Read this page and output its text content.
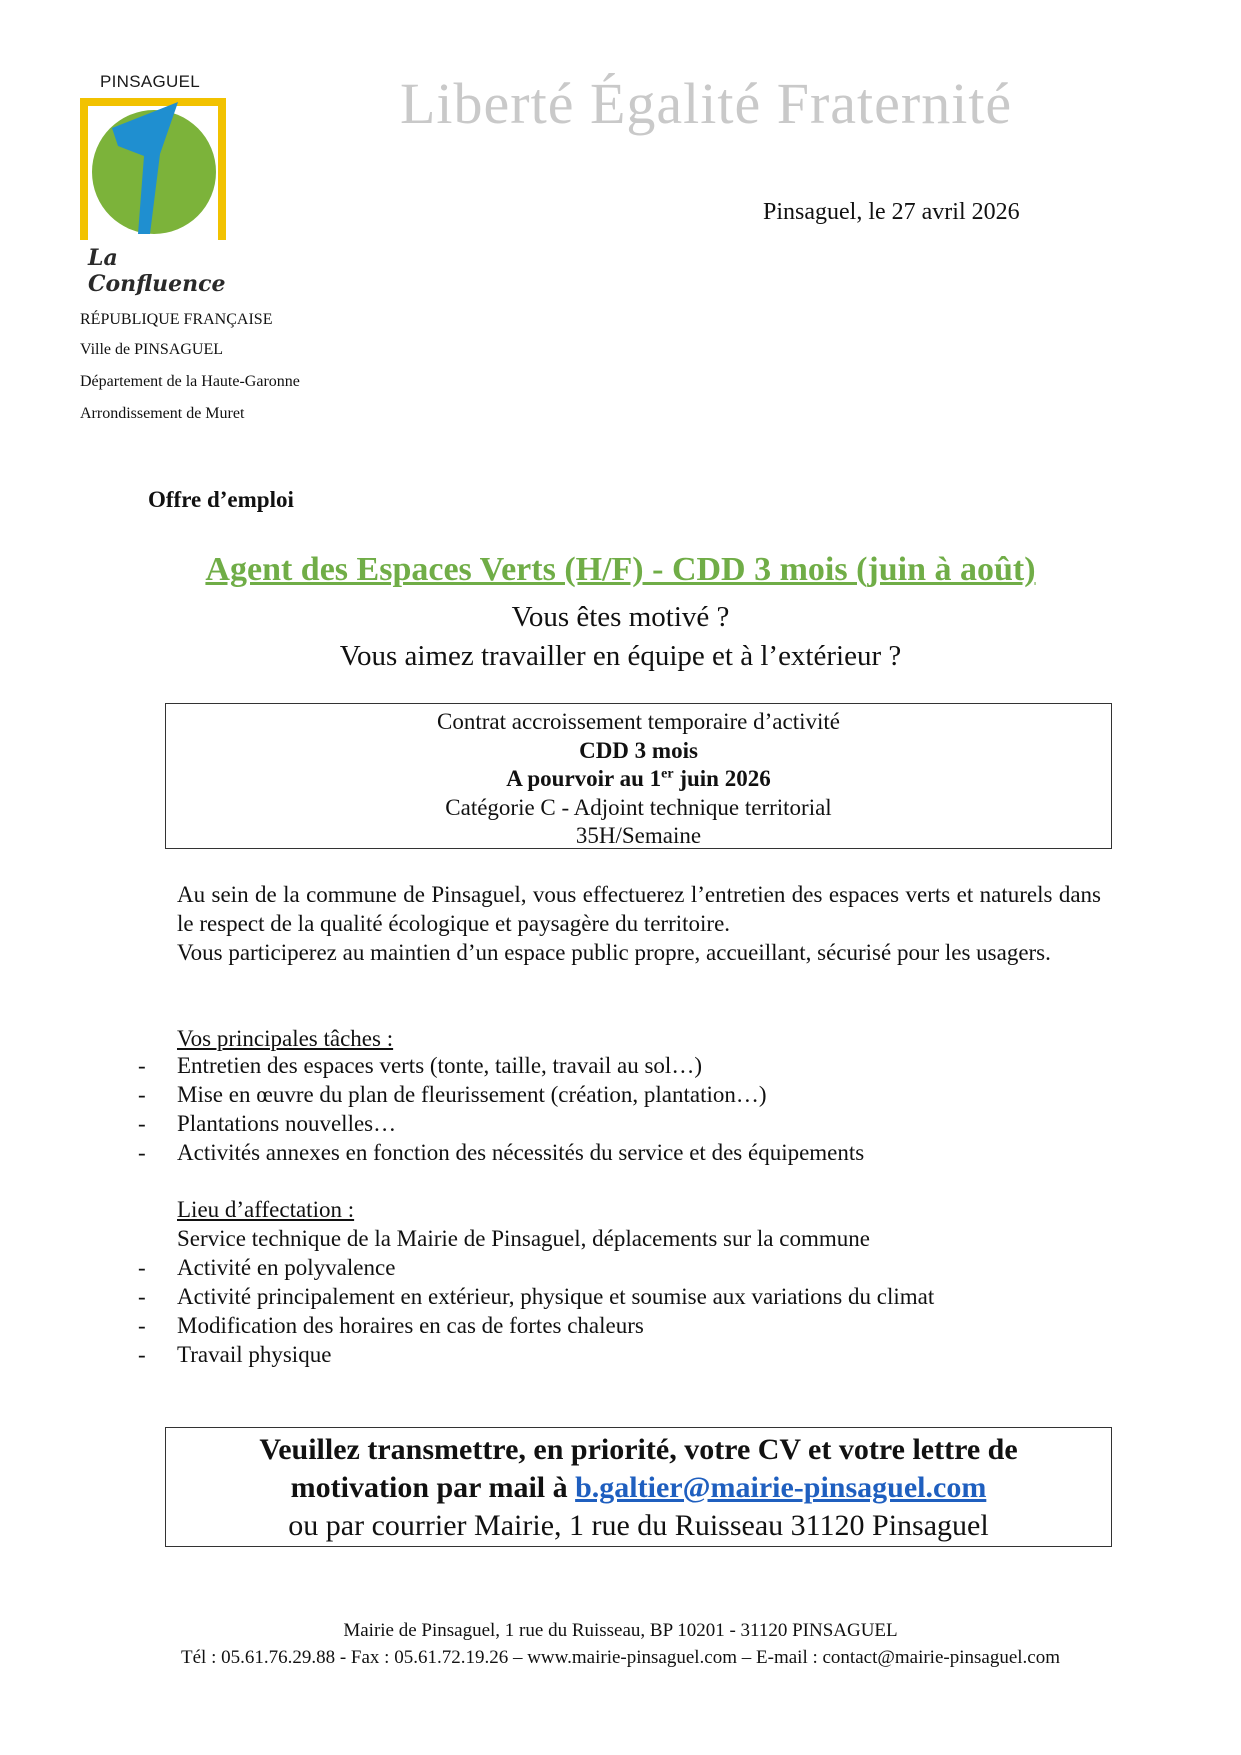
PINSAGUEL
La Confluence
Liberté Égalité Fraternité
Pinsaguel, le 27 avril 2026
RÉPUBLIQUE FRANÇAISE
Ville de PINSAGUEL
Département de la Haute-Garonne
Arrondissement de Muret
Offre d’emploi
Agent des Espaces Verts (H/F) - CDD 3 mois (juin à août)
Vous êtes motivé ?
Vous aimez travailler en équipe et à l’extérieur ?
Contrat accroissement temporaire d’activité
CDD 3 mois
A pourvoir au 1er juin 2026
Catégorie C - Adjoint technique territorial
35H/Semaine
Au sein de la commune de Pinsaguel, vous effectuerez l’entretien des espaces verts et naturels dans le respect de la qualité écologique et paysagère du territoire.
Vous participerez au maintien d’un espace public propre, accueillant, sécurisé pour les usagers.
Vos principales tâches :
- Entretien des espaces verts (tonte, taille, travail au sol…)
- Mise en œuvre du plan de fleurissement (création, plantation…)
- Plantations nouvelles…
- Activités annexes en fonction des nécessités du service et des équipements
Lieu d’affectation :
Service technique de la Mairie de Pinsaguel, déplacements sur la commune
- Activité en polyvalence
- Activité principalement en extérieur, physique et soumise aux variations du climat
- Modification des horaires en cas de fortes chaleurs
- Travail physique
Veuillez transmettre, en priorité, votre CV et votre lettre de
motivation par mail à b.galtier@mairie-pinsaguel.com
ou par courrier Mairie, 1 rue du Ruisseau 31120 Pinsaguel
Mairie de Pinsaguel, 1 rue du Ruisseau, BP 10201 - 31120 PINSAGUEL
Tél : 05.61.76.29.88 - Fax : 05.61.72.19.26 – www.mairie-pinsaguel.com – E-mail : contact@mairie-pinsaguel.com
